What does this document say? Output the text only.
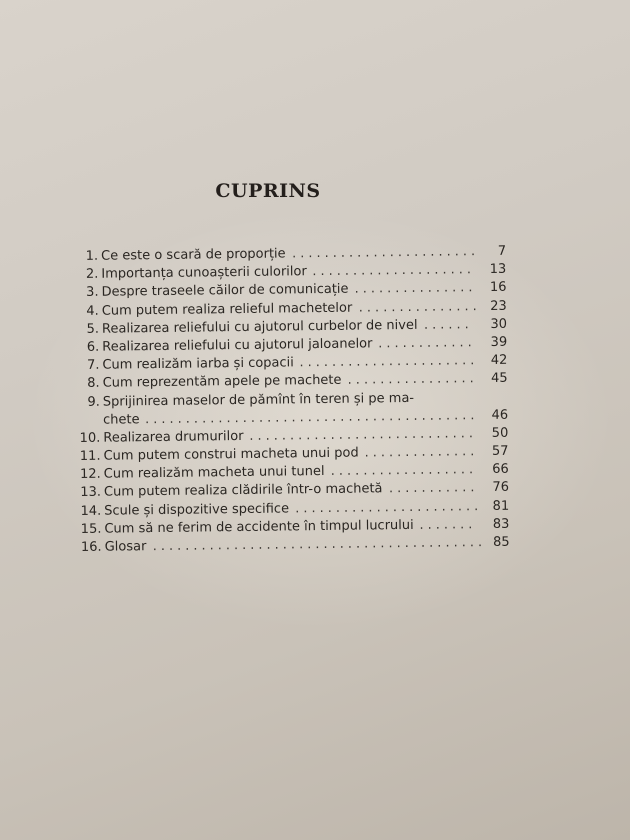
CUPRINS
1. Ce este o scară de proporție .......................	7
2. Importanța cunoașterii culorilor ....................	13
3. Despre traseele căilor de comunicație ...............	16
4. Cum putem realiza relieful machetelor ............... 23
5. Realizarea reliefului cu ajutorul curbelor de nivel ......	30
6. Realizarea reliefului cu ajutorul jaloanelor ............	39
7. Cum realizăm iarba și copacii ...................... 42
8. Cum reprezentăm apele pe machete ................	45
9. Sprijinirea maselor de pămînt în teren și pe ma-
chete ......................................... 46
10. Realizarea drumurilor ............................	50
11. Cum putem construi macheta unui pod ..............	57
12. Cum realizăm macheta unui tunel ..................	66
13. Cum putem realiza clădirile într-o machetă ...........	76
14. Scule și dispozitive specifice ....................... 81
15. Cum să ne ferim de accidente în timpul lucrului .......	83
16. Glosar ......................................... 85
